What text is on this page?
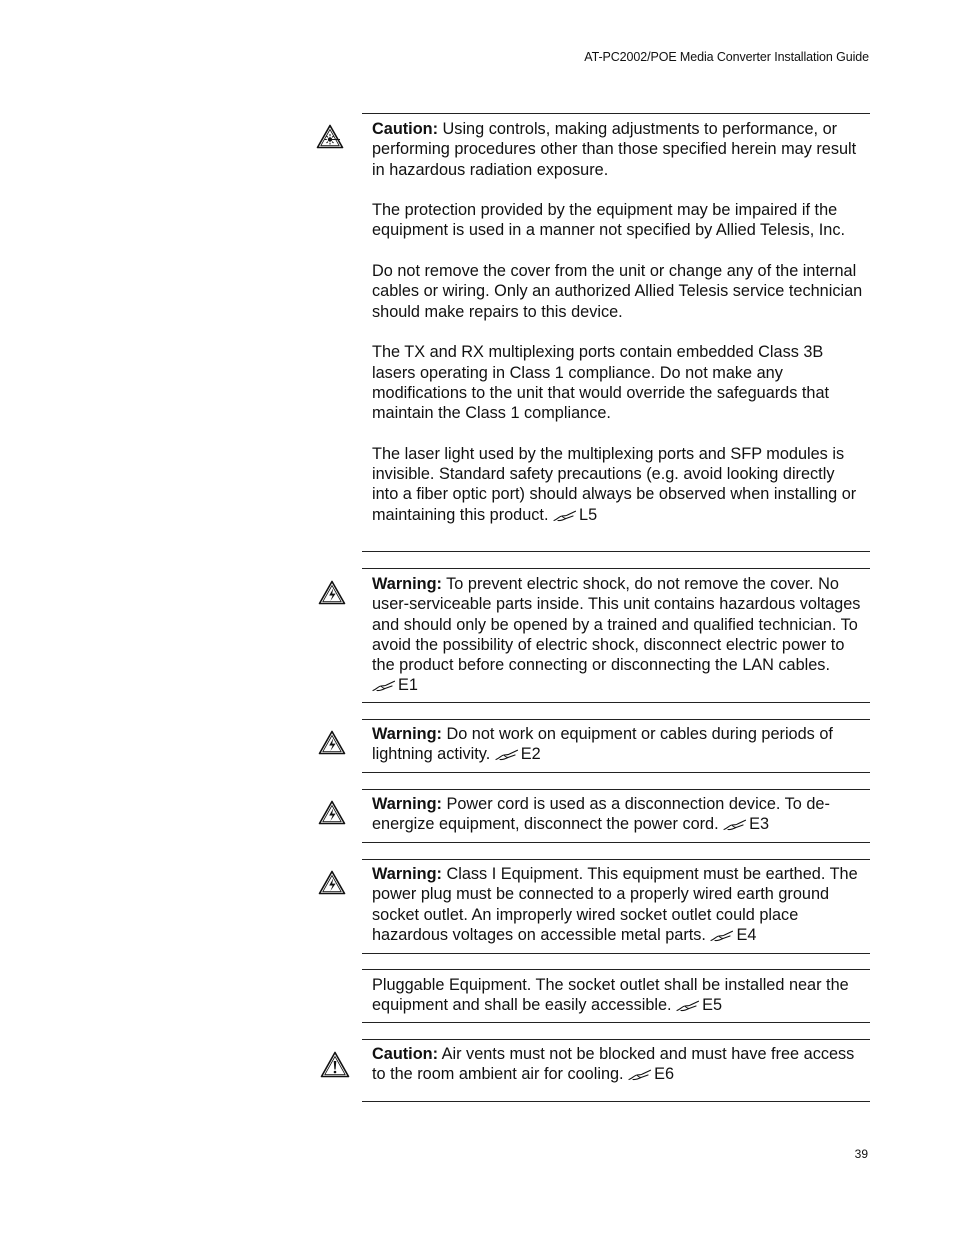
AT-PC2002/POE Media Converter Installation Guide

Caution: Using controls, making adjustments to performance, or performing procedures other than those specified herein may result in hazardous radiation exposure.

The protection provided by the equipment may be impaired if the equipment is used in a manner not specified by Allied Telesis, Inc.

Do not remove the cover from the unit or change any of the internal cables or wiring. Only an authorized Allied Telesis service technician should make repairs to this device.

The TX and RX multiplexing ports contain embedded Class 3B lasers operating in Class 1 compliance. Do not make any modifications to the unit that would override the safeguards that maintain the Class 1 compliance.

The laser light used by the multiplexing ports and SFP modules is invisible. Standard safety precautions (e.g. avoid looking directly into a fiber optic port) should always be observed when installing or maintaining this product. L5

Warning: To prevent electric shock, do not remove the cover. No user-serviceable parts inside. This unit contains hazardous voltages and should only be opened by a trained and qualified technician. To avoid the possibility of electric shock, disconnect electric power to the product before connecting or disconnecting the LAN cables. E1

Warning: Do not work on equipment or cables during periods of lightning activity. E2

Warning: Power cord is used as a disconnection device. To de-energize equipment, disconnect the power cord. E3

Warning: Class I Equipment. This equipment must be earthed. The power plug must be connected to a properly wired earth ground socket outlet. An improperly wired socket outlet could place hazardous voltages on accessible metal parts. E4

Pluggable Equipment. The socket outlet shall be installed near the equipment and shall be easily accessible. E5

Caution: Air vents must not be blocked and must have free access to the room ambient air for cooling. E6

39
